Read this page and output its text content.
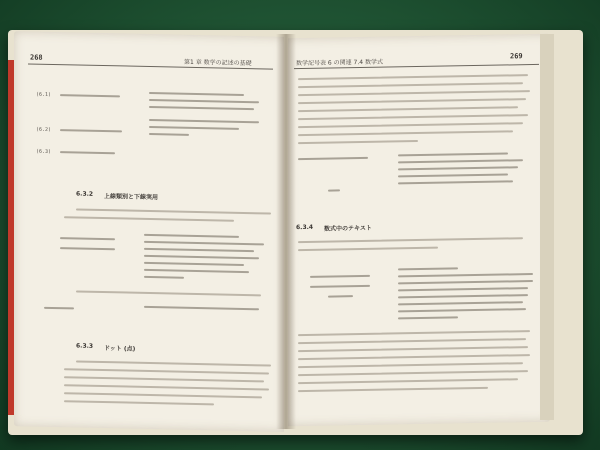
268
第1 章 数学の記述の基礎
(6.1)
(6.2)
(6.3)
6.3.2 上線類別と下線実用
6.3.3 ドット (点)
数学記号表 6 の関連 7.4 数学式
269
6.3.4 数式中のテキスト
